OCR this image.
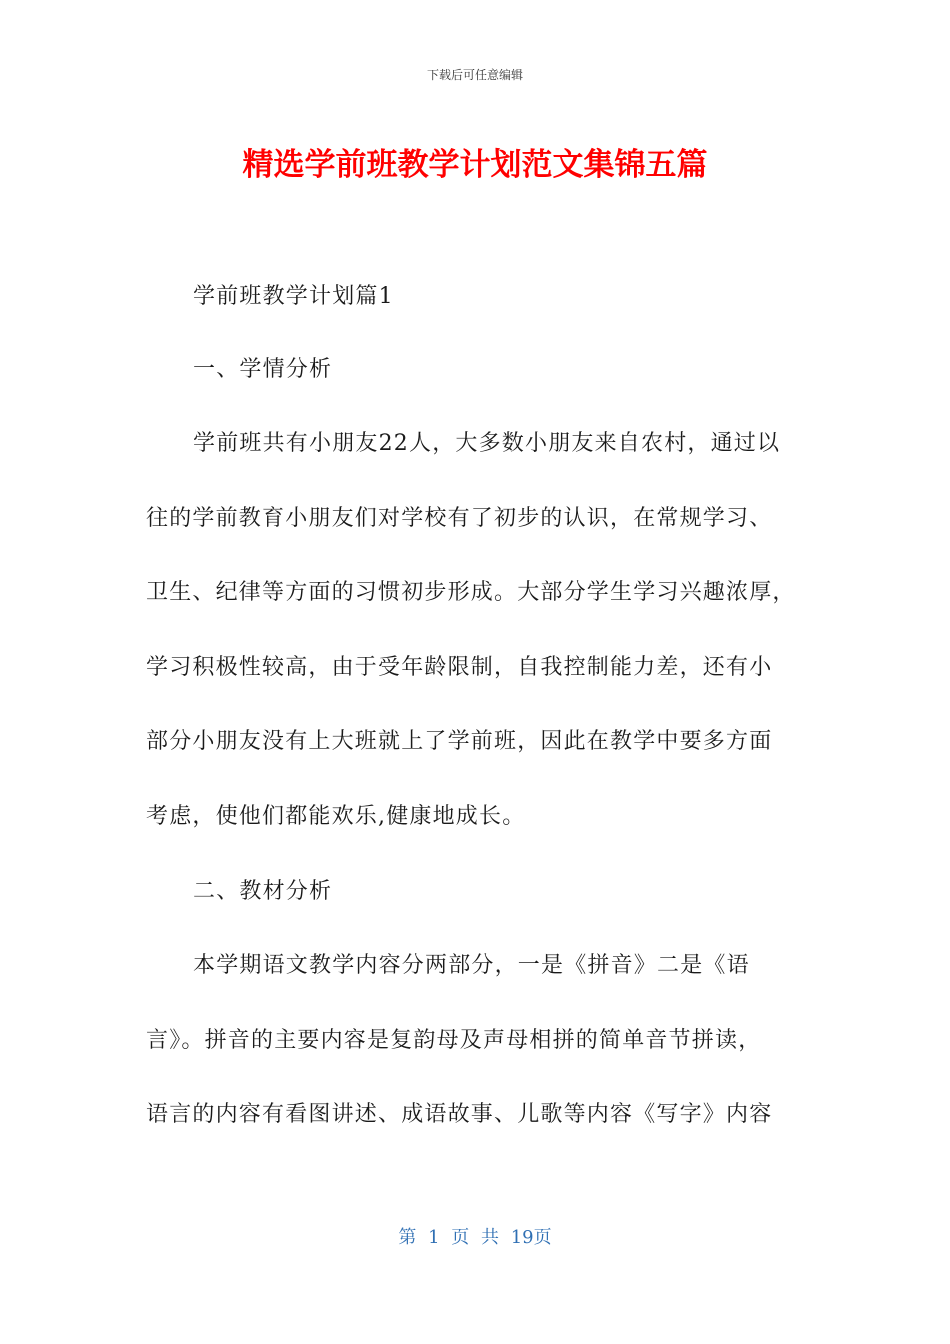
下载后可任意编辑
精选学前班教学计划范文集锦五篇

学前班教学计划篇1

一、学情分析

学前班共有小朋友22人，大多数小朋友来自农村，通过以

往的学前教育小朋友们对学校有了初步的认识，在常规学习、

卫生、纪律等方面的习惯初步形成。大部分学生学习兴趣浓厚，

学习积极性较高，由于受年龄限制，自我控制能力差，还有小

部分小朋友没有上大班就上了学前班，因此在教学中要多方面

考虑，使他们都能欢乐,健康地成长。

二、教材分析

本学期语文教学内容分两部分，一是《拼音》二是《语

言》。拼音的主要内容是复韵母及声母相拼的简单音节拼读，

语言的内容有看图讲述、成语故事、儿歌等内容《写字》内容

第 1 页 共 19页
